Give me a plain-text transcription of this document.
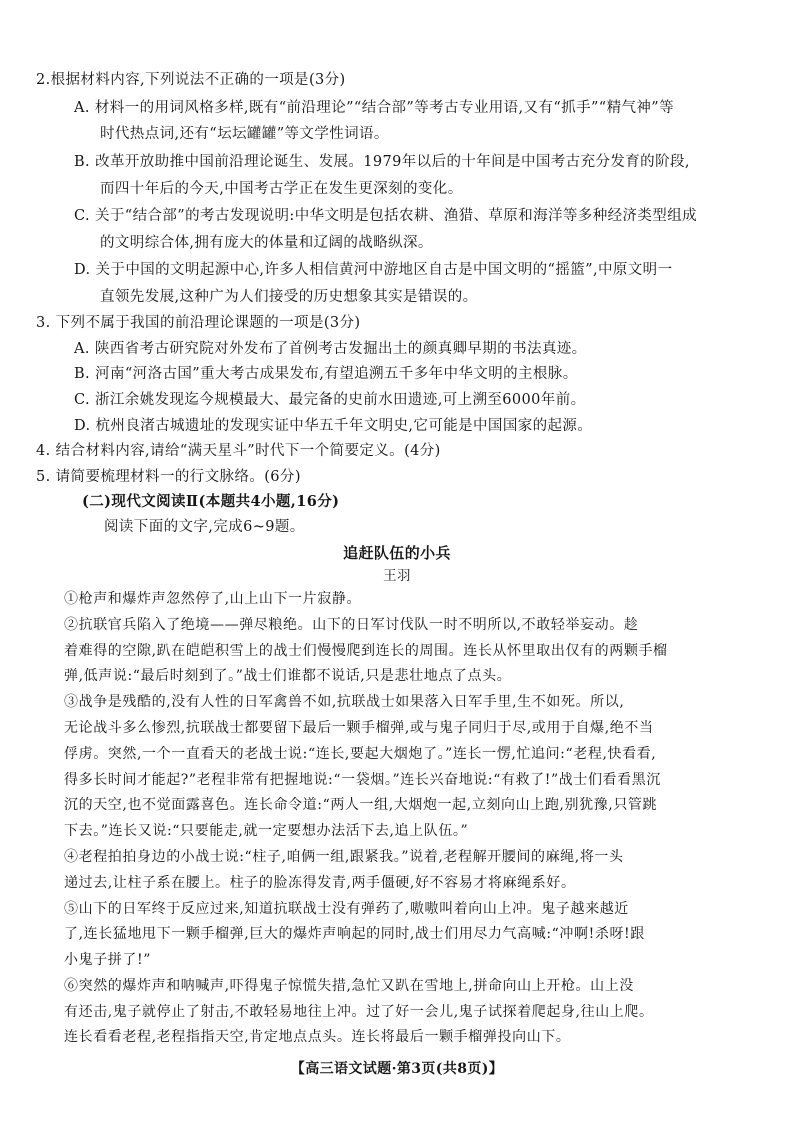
2.根据材料内容,下列说法不正确的一项是(3分)
A. 材料一的用词风格多样,既有“前沿理论”“结合部”等考古专业用语,又有“抓手”“精气神”等
时代热点词,还有“坛坛罐罐”等文学性词语。
B. 改革开放助推中国前沿理论诞生、发展。1979年以后的十年间是中国考古充分发育的阶段,
而四十年后的今天,中国考古学正在发生更深刻的变化。
C. 关于“结合部”的考古发现说明:中华文明是包括农耕、渔猎、草原和海洋等多种经济类型组成
的文明综合体,拥有庞大的体量和辽阔的战略纵深。
D. 关于中国的文明起源中心,许多人相信黄河中游地区自古是中国文明的“摇篮”,中原文明一
直领先发展,这种广为人们接受的历史想象其实是错误的。
3. 下列不属于我国的前沿理论课题的一项是(3分)
A. 陕西省考古研究院对外发布了首例考古发掘出土的颜真卿早期的书法真迹。
B. 河南“河洛古国”重大考古成果发布,有望追溯五千多年中华文明的主根脉。
C. 浙江余姚发现迄今规模最大、最完备的史前水田遗迹,可上溯至6000年前。
D. 杭州良渚古城遗址的发现实证中华五千年文明史,它可能是中国国家的起源。
4. 结合材料内容,请给“满天星斗”时代下一个简要定义。(4分)
5. 请简要梳理材料一的行文脉络。(6分)
(二)现代文阅读Ⅱ(本题共4小题,16分)
阅读下面的文字,完成6~9题。
追赶队伍的小兵
王羽
①枪声和爆炸声忽然停了,山上山下一片寂静。
②抗联官兵陷入了绝境——弹尽粮绝。山下的日军讨伐队一时不明所以,不敢轻举妄动。趁
着难得的空隙,趴在皑皑积雪上的战士们慢慢爬到连长的周围。连长从怀里取出仅有的两颗手榴
弹,低声说:“最后时刻到了。”战士们谁都不说话,只是悲壮地点了点头。
③战争是残酷的,没有人性的日军禽兽不如,抗联战士如果落入日军手里,生不如死。所以,
无论战斗多么惨烈,抗联战士都要留下最后一颗手榴弹,或与鬼子同归于尽,或用于自爆,绝不当
俘虏。突然,一个一直看天的老战士说:“连长,要起大烟炮了。”连长一愣,忙追问:“老程,快看看,
得多长时间才能起?”老程非常有把握地说:“一袋烟。”连长兴奋地说:“有救了!”战士们看看黑沉
沉的天空,也不觉面露喜色。连长命令道:“两人一组,大烟炮一起,立刻向山上跑,别犹豫,只管跳
下去。”连长又说:“只要能走,就一定要想办法活下去,追上队伍。”
④老程拍拍身边的小战士说:“柱子,咱俩一组,跟紧我。”说着,老程解开腰间的麻绳,将一头
递过去,让柱子系在腰上。柱子的脸冻得发青,两手僵硬,好不容易才将麻绳系好。
⑤山下的日军终于反应过来,知道抗联战士没有弹药了,嗷嗷叫着向山上冲。鬼子越来越近
了,连长猛地甩下一颗手榴弹,巨大的爆炸声响起的同时,战士们用尽力气高喊:“冲啊!杀呀!跟
小鬼子拼了!”
⑥突然的爆炸声和呐喊声,吓得鬼子惊慌失措,急忙又趴在雪地上,拼命向山上开枪。山上没
有还击,鬼子就停止了射击,不敢轻易地往上冲。过了好一会儿,鬼子试探着爬起身,往山上爬。
连长看看老程,老程指指天空,肯定地点点头。连长将最后一颗手榴弹投向山下。
【高三语文试题·第3页(共8页)】
